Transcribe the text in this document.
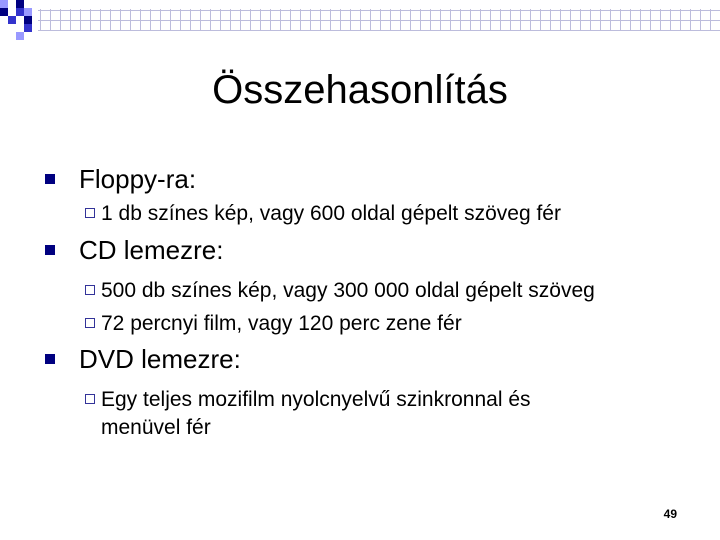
Összehasonlítás
Floppy-ra:
1 db színes kép, vagy 600 oldal gépelt szöveg fér
CD lemezre:
500 db színes kép, vagy 300 000 oldal gépelt szöveg
72 percnyi film, vagy 120 perc zene fér
DVD lemezre:
Egy teljes mozifilm nyolcnyelvű szinkronnal és menüvel fér
49
